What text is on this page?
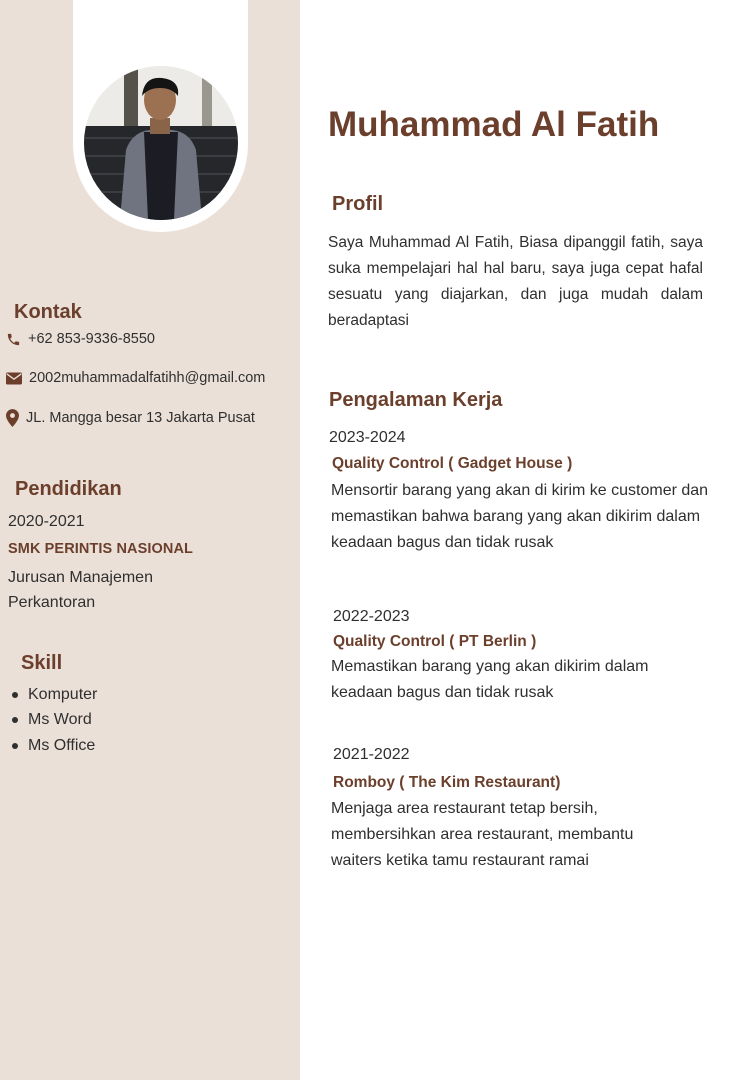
Kontak
+62 853-9336-8550
2002muhammadalfatihh@gmail.com
JL. Mangga besar 13 Jakarta Pusat
Pendidikan

2020-2021

SMK PERINTIS NASIONAL

Jurusan Manajemen

Perkantoran

Skill
Komputer
Ms Word
Ms Office
Muhammad Al Fatih
Profil

Saya Muhammad Al Fatih, Biasa dipanggil fatih, saya suka mempelajari hal hal baru, saya juga cepat hafal sesuatu yang diajarkan, dan juga mudah dalam beradaptasi

Pengalaman Kerja

2023-2024

Quality Control ( Gadget House )

Mensortir barang yang akan di kirim ke customer dan memastikan bahwa barang yang akan dikirim dalam keadaan bagus dan tidak rusak

2022-2023

Quality Control ( PT Berlin )

Memastikan barang yang akan dikirim dalam keadaan bagus dan tidak rusak

2021-2022

Romboy ( The Kim Restaurant)

Menjaga area restaurant tetap bersih, membersihkan area restaurant, membantu waiters ketika tamu restaurant ramai
